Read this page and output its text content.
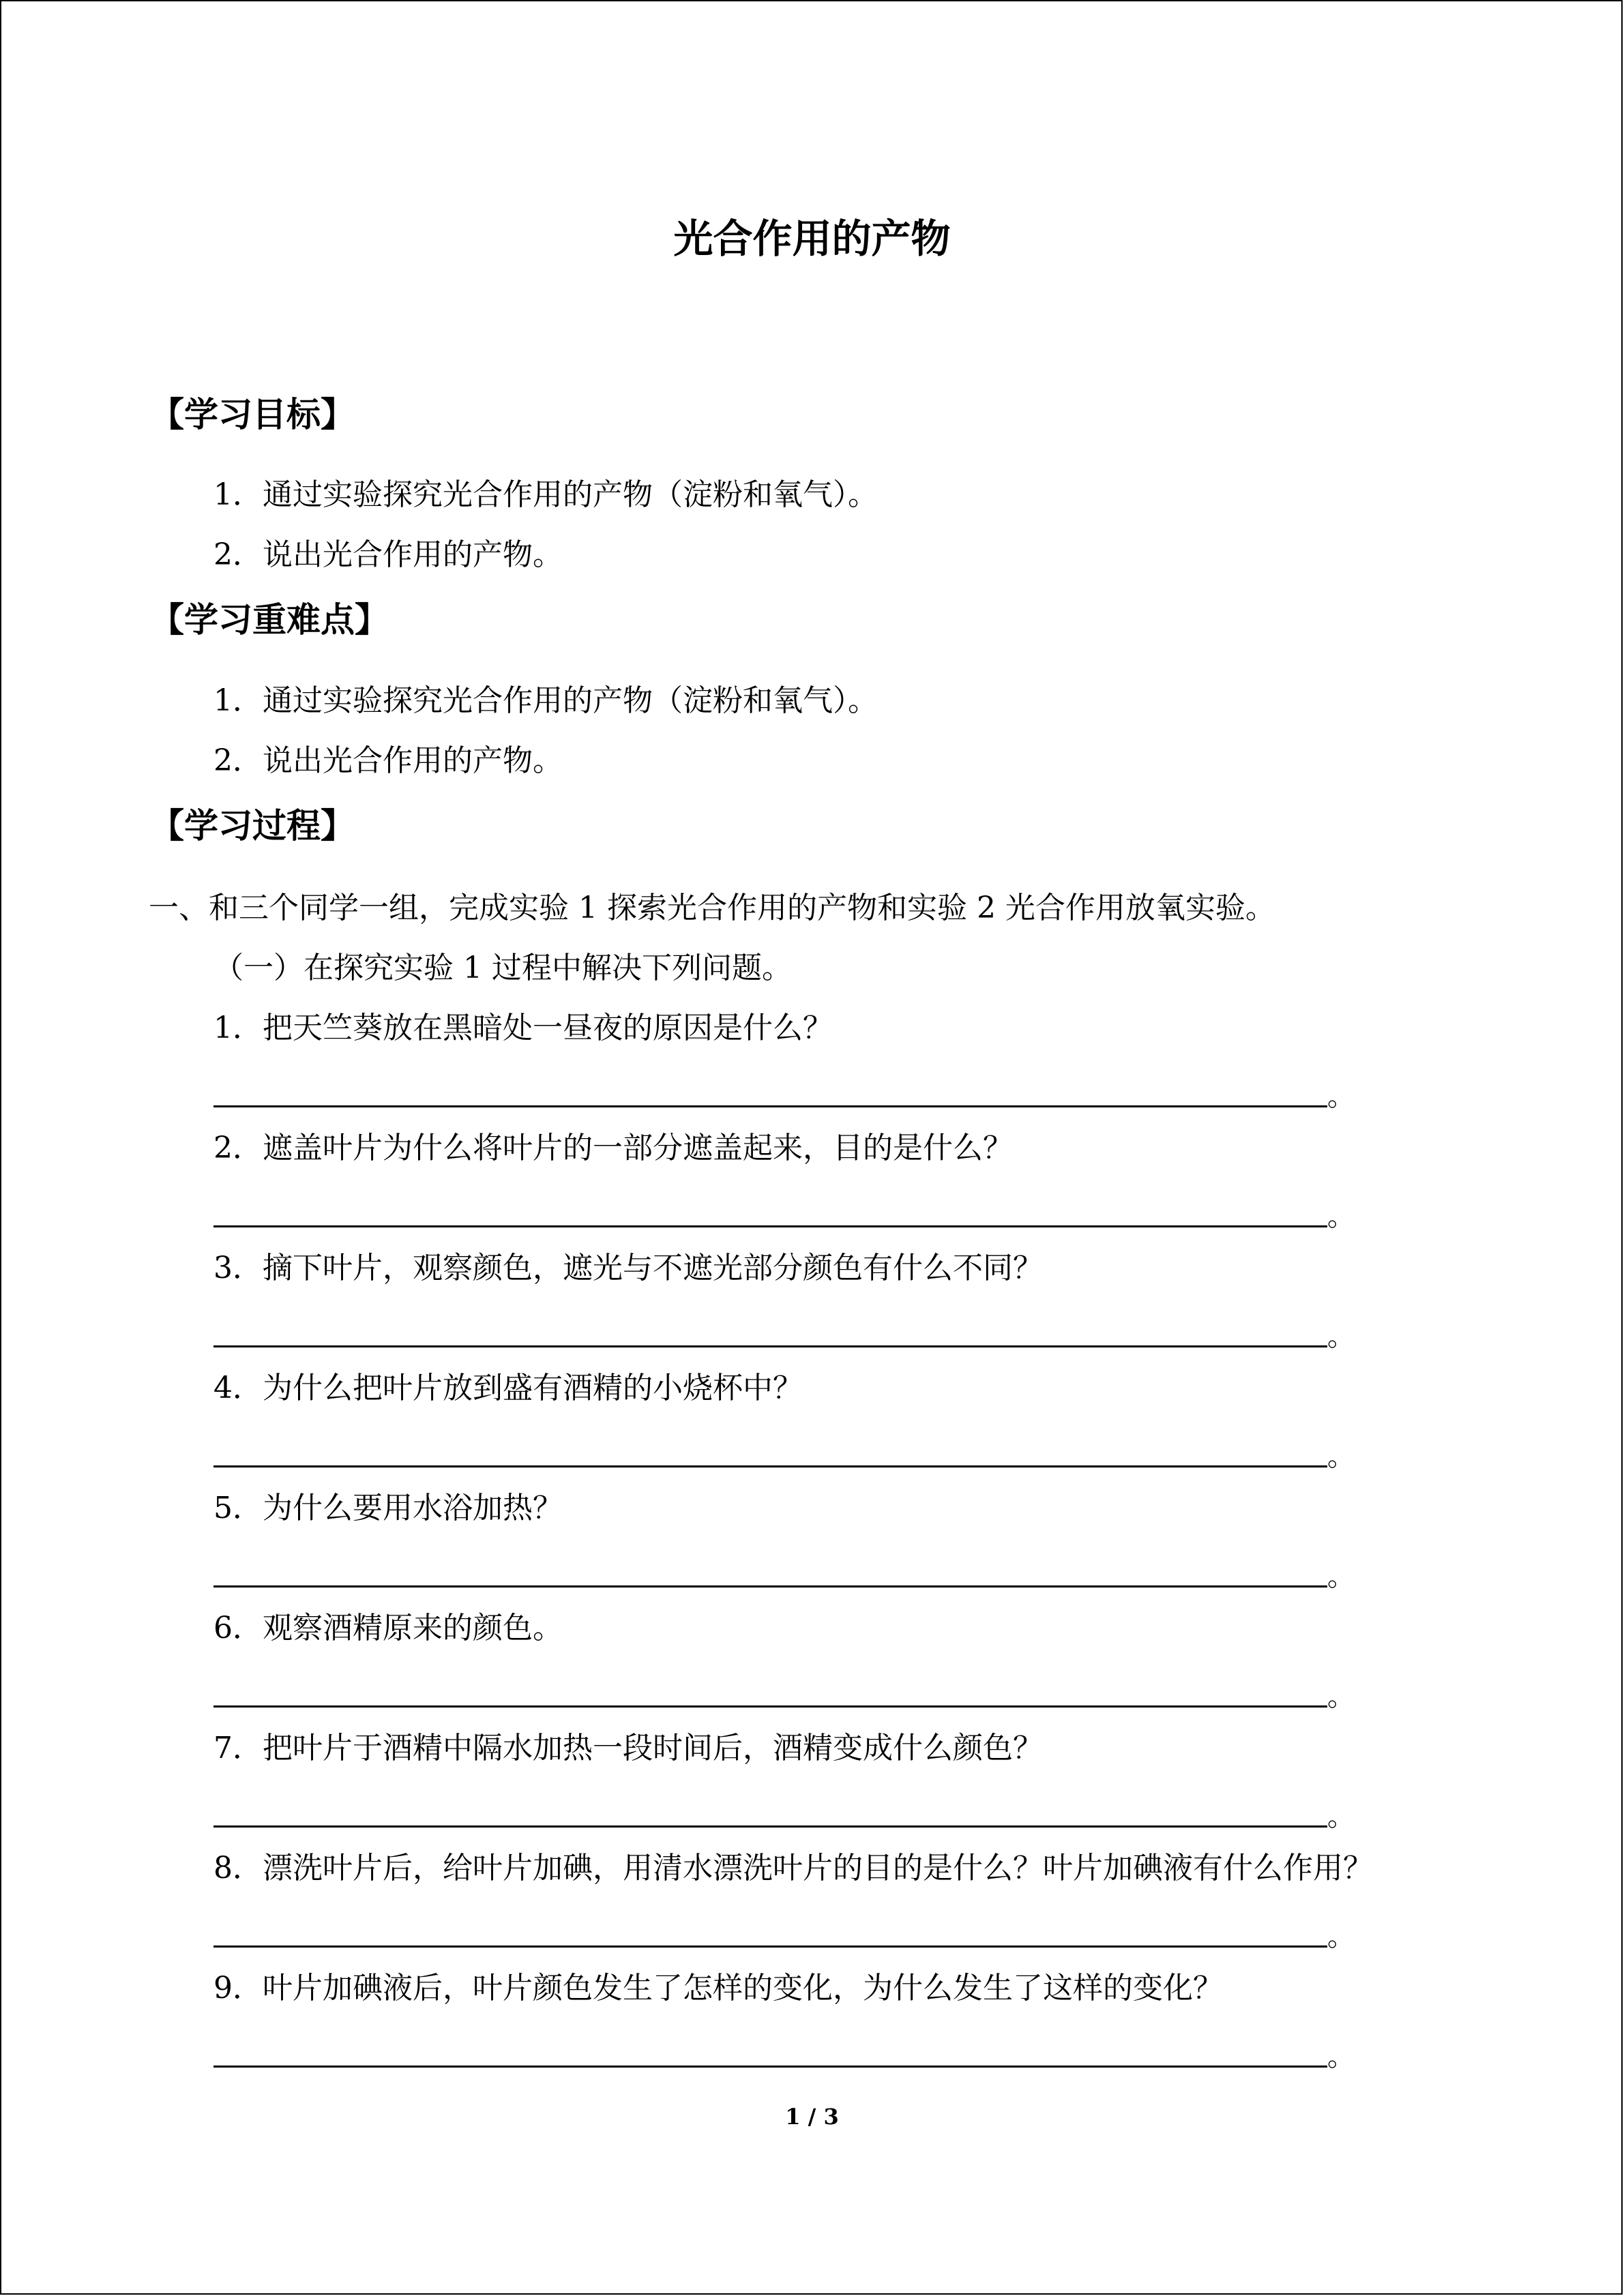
光合作用的产物
【学习目标】
1．通过实验探究光合作用的产物（淀粉和氧气）。
2．说出光合作用的产物。
【学习重难点】
1．通过实验探究光合作用的产物（淀粉和氧气）。
2．说出光合作用的产物。
【学习过程】
一、和三个同学一组，完成实验 1 探索光合作用的产物和实验 2 光合作用放氧实验。
（一）在探究实验 1 过程中解决下列问题。
1．把天竺葵放在黑暗处一昼夜的原因是什么？
。
2．遮盖叶片为什么将叶片的一部分遮盖起来，目的是什么？
。
3．摘下叶片，观察颜色，遮光与不遮光部分颜色有什么不同？
。
4．为什么把叶片放到盛有酒精的小烧杯中？
。
5．为什么要用水浴加热？
。
6．观察酒精原来的颜色。
。
7．把叶片于酒精中隔水加热一段时间后，酒精变成什么颜色？
。
8．漂洗叶片后，给叶片加碘，用清水漂洗叶片的目的是什么？叶片加碘液有什么作用？
。
9．叶片加碘液后，叶片颜色发生了怎样的变化，为什么发生了这样的变化？
。
1 / 3
